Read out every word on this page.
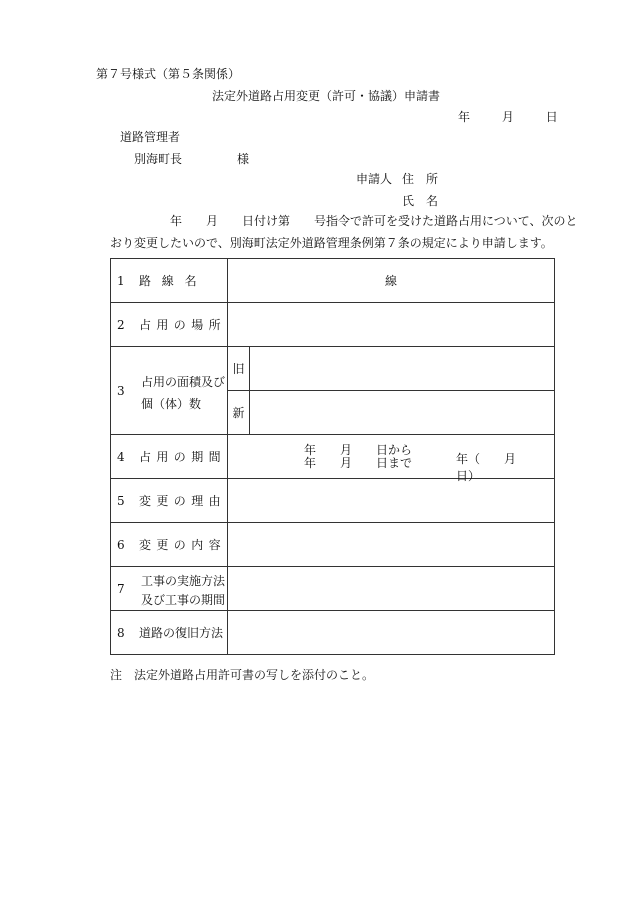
第７号様式（第５条関係）
法定外道路占用変更（許可・協議）申請書
年	月	日
道路管理者
別海町長	様
申請人 住　所
氏　名
年　　月　　日付け第　　号指令で許可を受けた道路占用について、次のと
おり変更したいので、別海町法定外道路管理条例第７条の規定により申請します。
1 路線名	線	
2 占用の場所		

3
占用の面積及び
個（体）数	旧	
	新	
4 占用の期間	年　　月　　日から
年　　月　　日まで 年（　　月　　日）	

5 変更の理由		
6 変更の内容		

7
工事の実施方法
及び工事の期間		

8 道路の復旧方法		
注　法定外道路占用許可書の写しを添付のこと。
